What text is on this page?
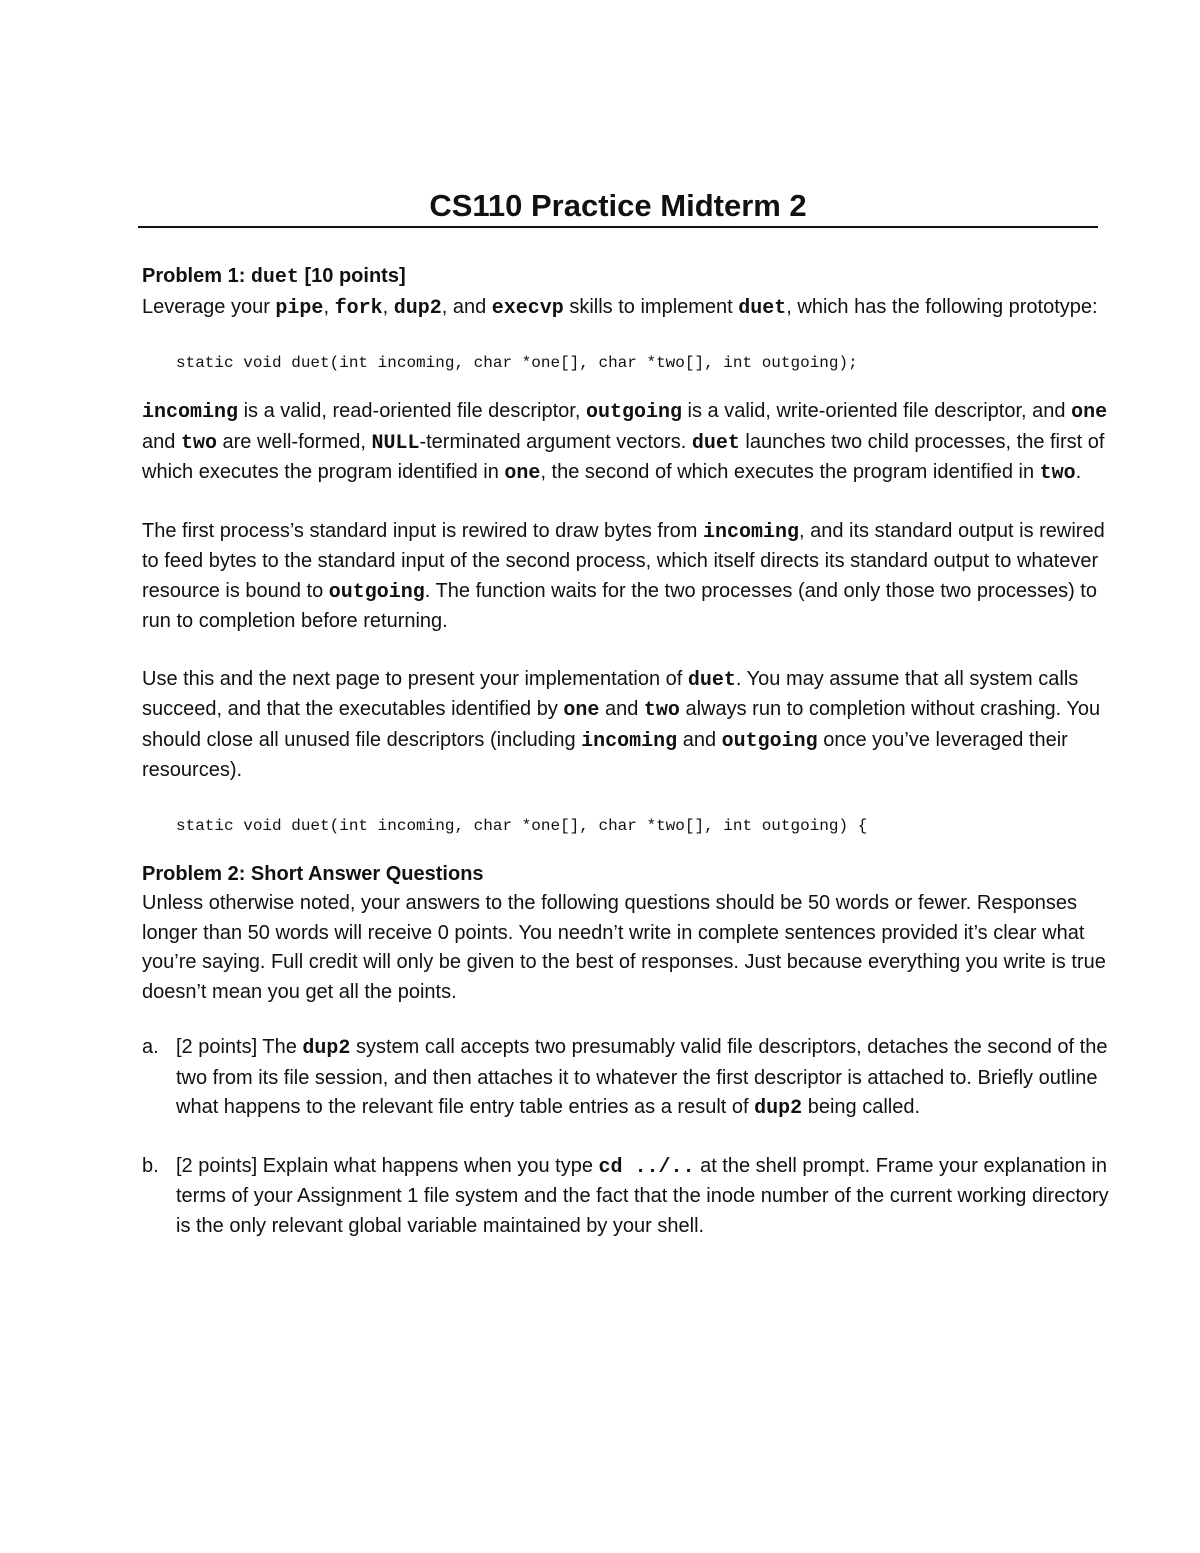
CS110 Practice Midterm 2

Problem 1: duet [10 points]

Leverage your pipe, fork, dup2, and execvp skills to implement duet, which has the following prototype:

static void duet(int incoming, char *one[], char *two[], int outgoing);

incoming is a valid, read-oriented file descriptor, outgoing is a valid, write-oriented file descriptor, and one and two are well-formed, NULL-terminated argument vectors. duet launches two child processes, the first of which executes the program identified in one, the second of which executes the program identified in two.

The first process’s standard input is rewired to draw bytes from incoming, and its standard output is rewired to feed bytes to the standard input of the second process, which itself directs its standard output to whatever resource is bound to outgoing. The function waits for the two processes (and only those two processes) to run to completion before returning.

Use this and the next page to present your implementation of duet. You may assume that all system calls succeed, and that the executables identified by one and two always run to completion without crashing. You should close all unused file descriptors (including incoming and outgoing once you’ve leveraged their resources).

static void duet(int incoming, char *one[], char *two[], int outgoing) {

Problem 2: Short Answer Questions

Unless otherwise noted, your answers to the following questions should be 50 words or fewer. Responses longer than 50 words will receive 0 points. You needn’t write in complete sentences provided it’s clear what you’re saying. Full credit will only be given to the best of responses. Just because everything you write is true doesn’t mean you get all the points.

a. [2 points] The dup2 system call accepts two presumably valid file descriptors, detaches the second of the two from its file session, and then attaches it to whatever the first descriptor is attached to. Briefly outline what happens to the relevant file entry table entries as a result of dup2 being called.
b. [2 points] Explain what happens when you type cd ../.. at the shell prompt. Frame your explanation in terms of your Assignment 1 file system and the fact that the inode number of the current working directory is the only relevant global variable maintained by your shell.
